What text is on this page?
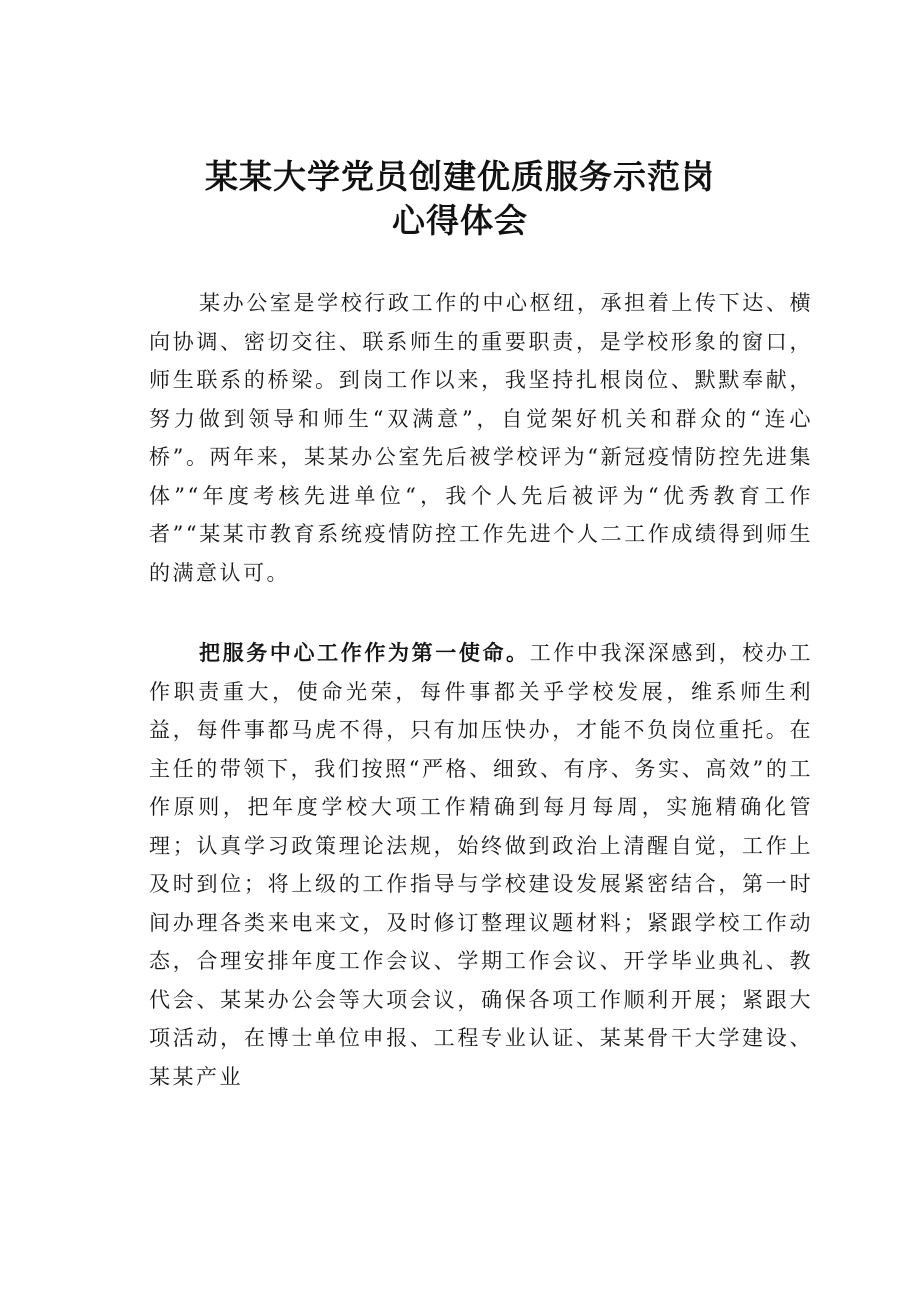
某某大学党员创建优质服务示范岗
心得体会

某办公室是学校行政工作的中心枢纽，承担着上传下达、横向协调、密切交往、联系师生的重要职责，是学校形象的窗口，师生联系的桥梁。到岗工作以来，我坚持扎根岗位、默默奉献，努力做到领导和师生“双满意”，自觉架好机关和群众的“连心桥”。两年来，某某办公室先后被学校评为“新冠疫情防控先进集体”“年度考核先进单位“，我个人先后被评为“优秀教育工作者”“某某市教育系统疫情防控工作先进个人二工作成绩得到师生的满意认可。

把服务中心工作作为第一使命。工作中我深深感到，校办工作职责重大，使命光荣，每件事都关乎学校发展，维系师生利益，每件事都马虎不得，只有加压快办，才能不负岗位重托。在主任的带领下，我们按照“严格、细致、有序、务实、高效”的工作原则，把年度学校大项工作精确到每月每周，实施精确化管理；认真学习政策理论法规，始终做到政治上清醒自觉，工作上及时到位；将上级的工作指导与学校建设发展紧密结合，第一时间办理各类来电来文，及时修订整理议题材料；紧跟学校工作动态，合理安排年度工作会议、学期工作会议、开学毕业典礼、教代会、某某办公会等大项会议，确保各项工作顺利开展；紧跟大项活动，在博士单位申报、工程专业认证、某某骨干大学建设、某某产业
